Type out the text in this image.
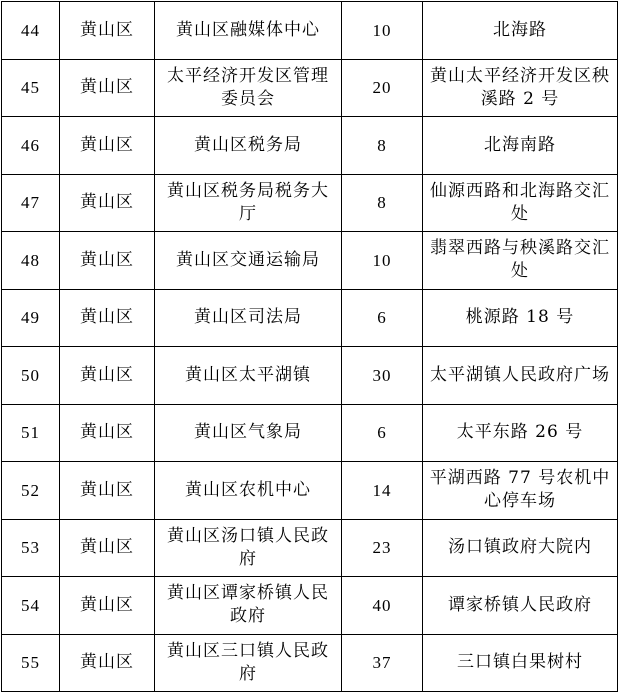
44	黄山区	黄山区融媒体中心	10	北海路

45	黄山区	太平经济开发区管理委员会	20	黄山太平经济开发区秧溪路 2 号

46	黄山区	黄山区税务局	8	北海南路

47	黄山区	黄山区税务局税务大厅	8	仙源西路和北海路交汇处

48	黄山区	黄山区交通运输局	10	翡翠西路与秧溪路交汇处

49	黄山区	黄山区司法局	6	桃源路 18 号

50	黄山区	黄山区太平湖镇	30	太平湖镇人民政府广场

51	黄山区	黄山区气象局	6	太平东路 26 号

52	黄山区	黄山区农机中心	14	平湖西路 77 号农机中心停车场

53	黄山区	黄山区汤口镇人民政府	23	汤口镇政府大院内

54	黄山区	黄山区谭家桥镇人民政府	40	谭家桥镇人民政府

55	黄山区	黄山区三口镇人民政府	37	三口镇白果树村
